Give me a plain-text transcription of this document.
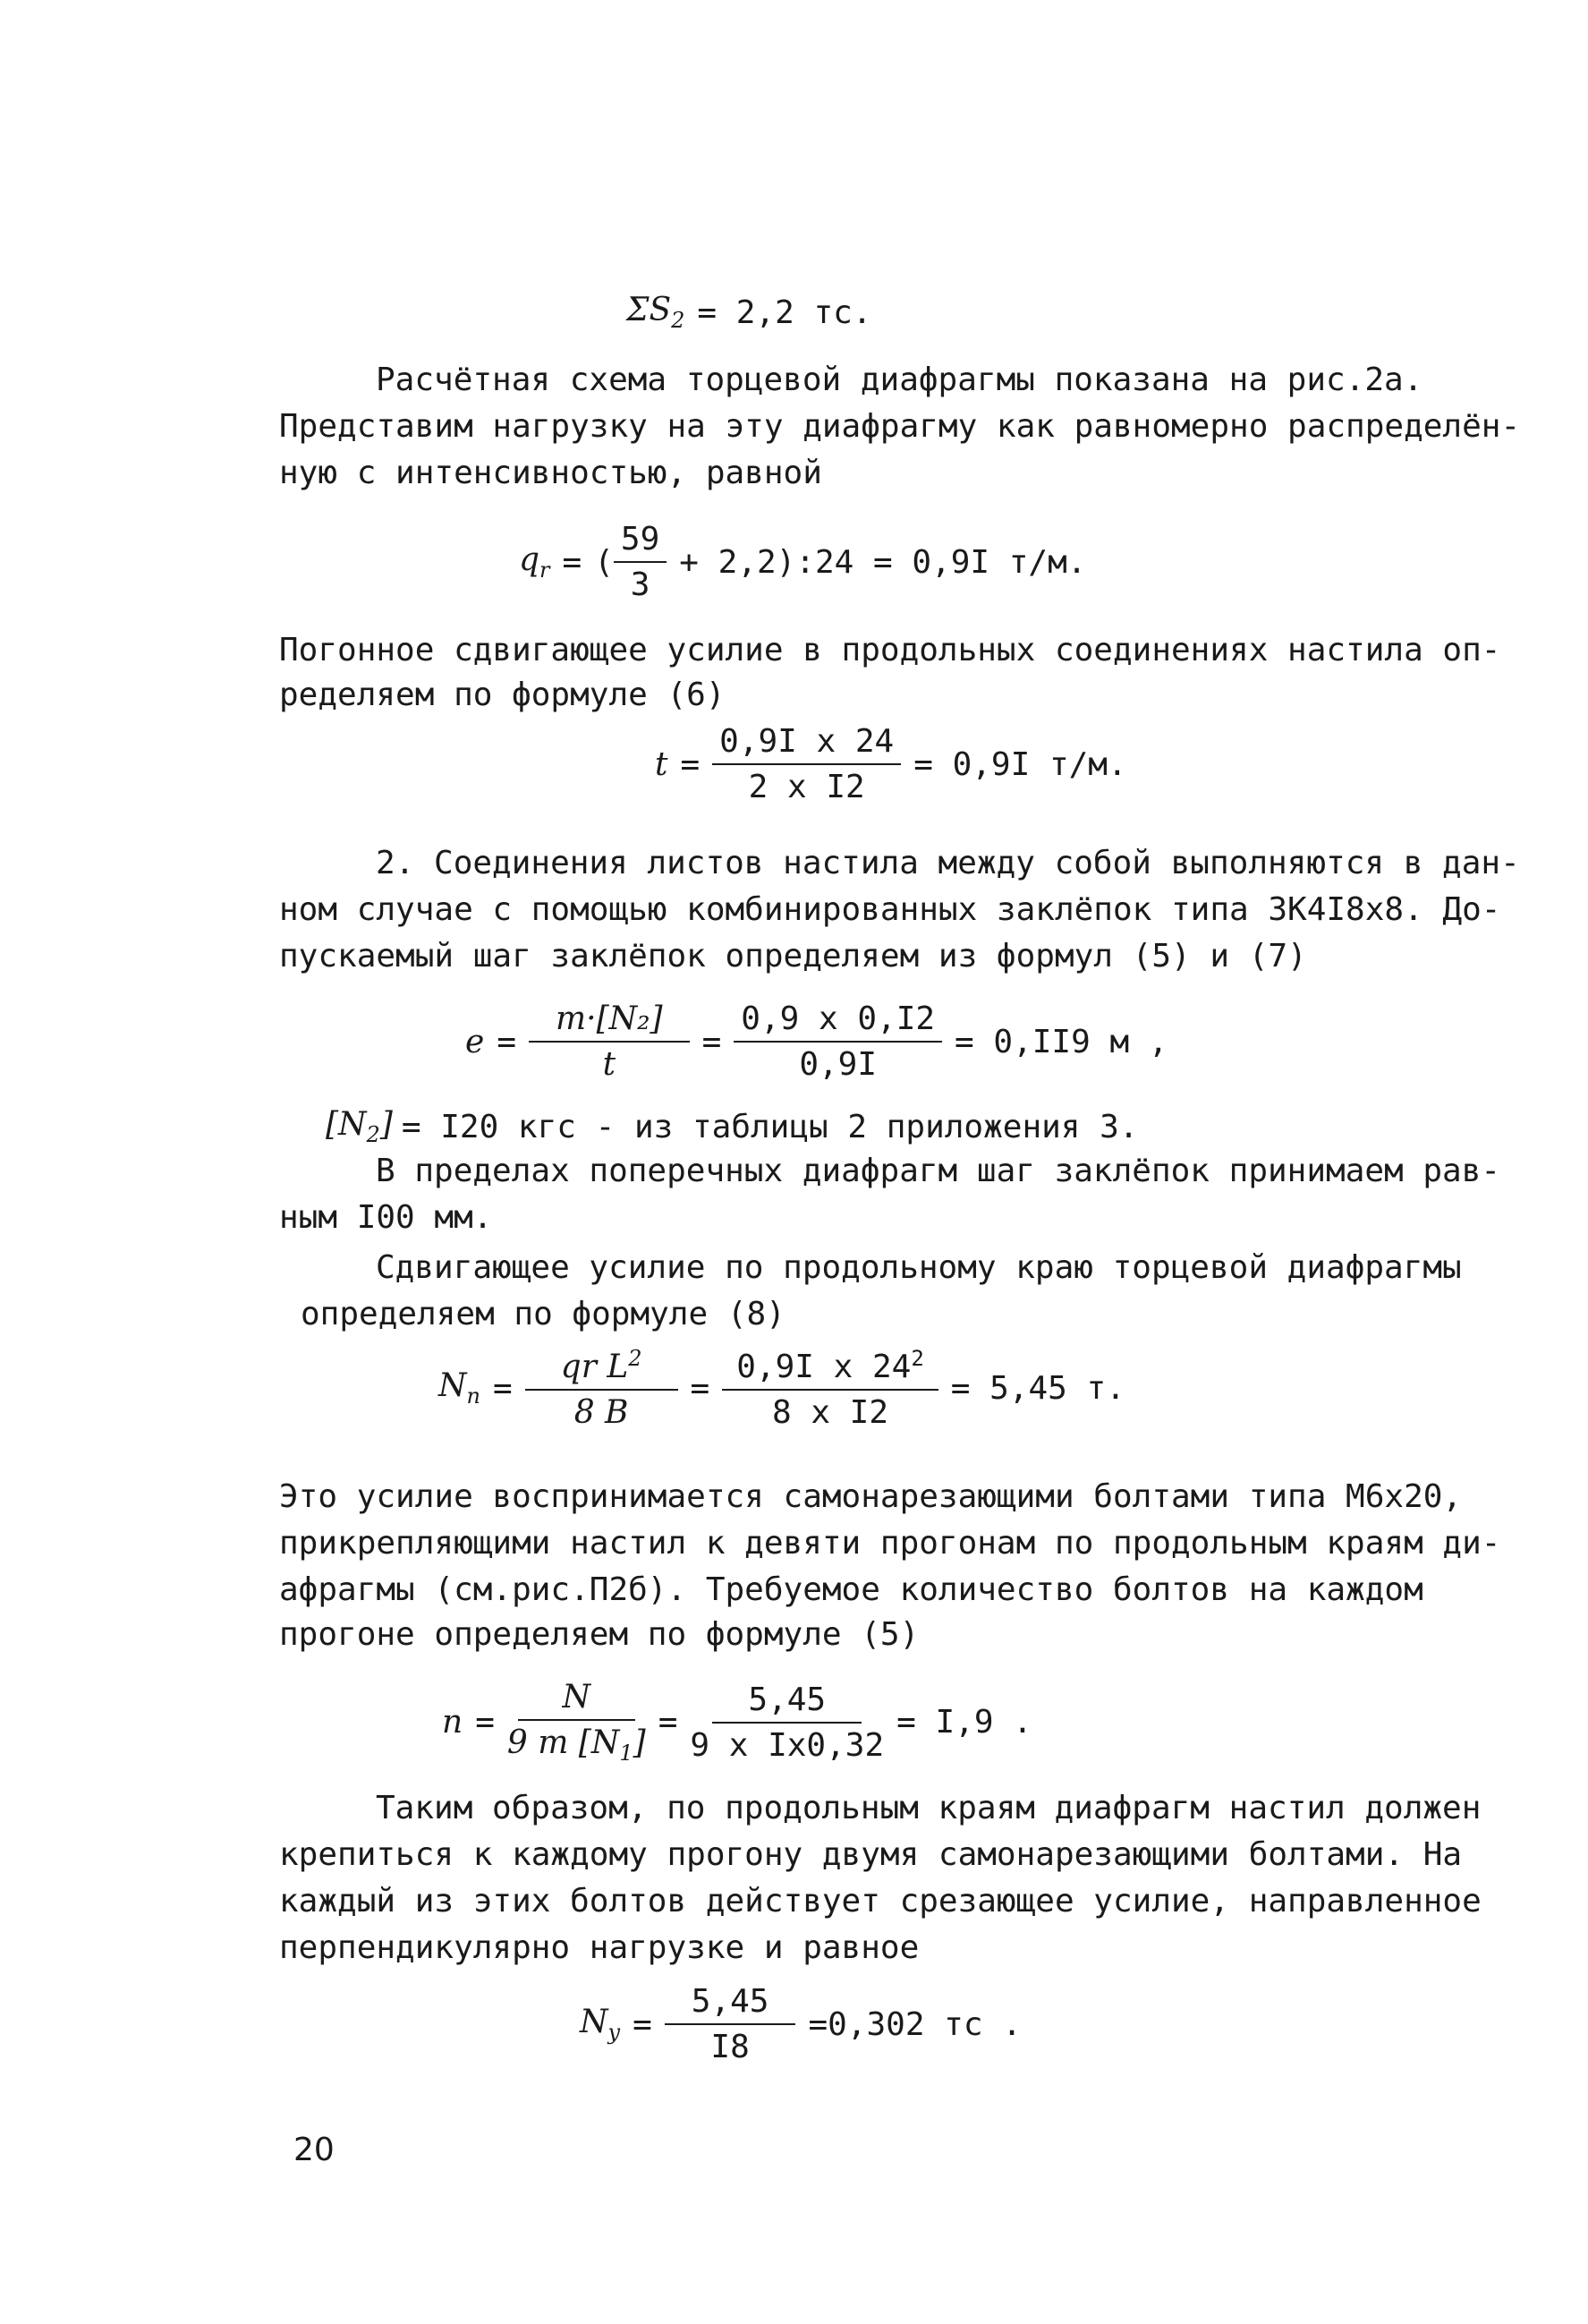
$\Sigma S_2 = 2,2$ тс.
Расчётная схема торцевой диафрагмы показана на рис.2а.
Представим нагрузку на эту диафрагму как равномерно распределён-
ную с интенсивностью, равной
$q_r$ = ( $\frac{59}{3}$ + 2,2):24 = 0,9I т/м.
Погонное сдвигающее усилие в продольных соединениях настила оп-
ределяем по формуле (6)
$t = \frac{\text{0,9I x 24}}{\text{2 x I2}} = 0,9I$ т/м.
2. Соединения листов настила между собой выполняются в дан-
ном случае с помощью комбинированных заклёпок типа ЗК4I8х8. До-
пускаемый шаг заклёпок определяем из формул (5) и (7)
$e = \frac{\text{m·[N₂]}}{t} = \frac{0,9 x 0,I2}{0,9I} = 0,II9$ м ,
$[N_2] = I20$ кгс - из таблицы 2 приложения 3.
В пределах поперечных диафрагм шаг заклёпок принимаем рав-
ным I00 мм.
Сдвигающее усилие по продольному краю торцевой диафрагмы
определяем по формуле (8)
$N_п = \frac{qr L^2}{8 B} = \frac{0,9I x 24^2}{\text{8 x I2}} = 5,45$ т.
Это усилие воспринимается самонарезающими болтами типа М6х20,
прикрепляющими настил к девяти прогонам по продольным краям ди-
афрагмы (см.рис.П2б). Требуемое количество болтов на каждом
прогоне определяем по формуле (5)
$n = \frac{N}{9 m [N_1]} = \frac{5,45}{\text{9 x Ix0,32}} = I,9$ .
Таким образом, по продольным краям диафрагм настил должен
крепиться к каждому прогону двумя самонарезающими болтами. На
каждый из этих болтов действует срезающее усилие, направленное
перпендикулярно нагрузке и равное
$N_y = \frac{5,45}{I8} =0,302$ тс .
20
